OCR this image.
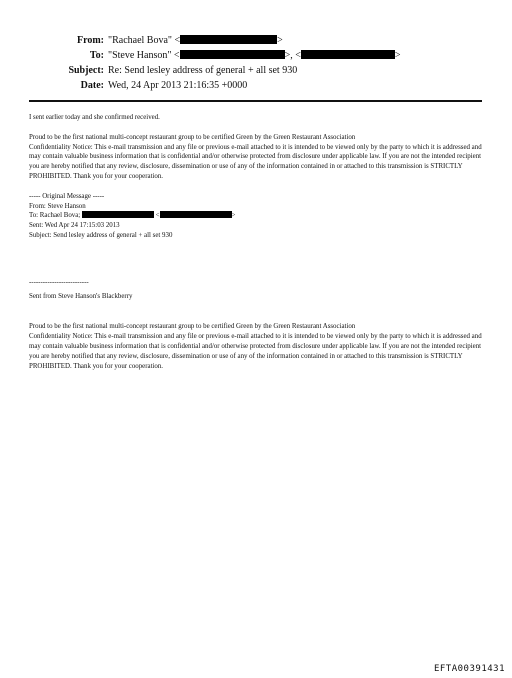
From: "Rachael Bova" <	>
To: "Steve Hanson" <	>, <	>
Subject: Re: Send lesley address of general + all set 930
Date: Wed, 24 Apr 2013 21:16:35 +0000

I sent earlier today and she confirmed received.

Proud to be the first national multi-concept restaurant group to be certified Green by the Green Restaurant Association

Confidentiality Notice: This e-mail transmission and any file or previous e-mail attached to it is intended to be viewed only by the party to which it is addressed and may contain valuable business information that is confidential and/or otherwise protected from disclosure under applicable law. If you are not the intended recipient you are hereby notified that any review, disclosure, dissemination or use of any of the information contained in or attached to this transmission is STRICTLY PROHIBITED. Thank you for your cooperation.

----- Original Message -----

From: Steve Hanson

To: Rachael Bova;	<	>

Sent: Wed Apr 24 17:15:03 2013

Subject: Send lesley address of general + all set 930

--------------------------

Sent from Steve Hanson's Blackberry

Proud to be the first national multi-concept restaurant group to be certified Green by the Green Restaurant Association

Confidentiality Notice: This e-mail transmission and any file or previous e-mail attached to it is intended to be viewed only by the party to which it is addressed and may contain valuable business information that is confidential and/or otherwise protected from disclosure under applicable law. If you are not the intended recipient you are hereby notified that any review, disclosure, dissemination or use of any of the information contained in or attached to this transmission is STRICTLY PROHIBITED. Thank you for your cooperation.

EFTA00391431
